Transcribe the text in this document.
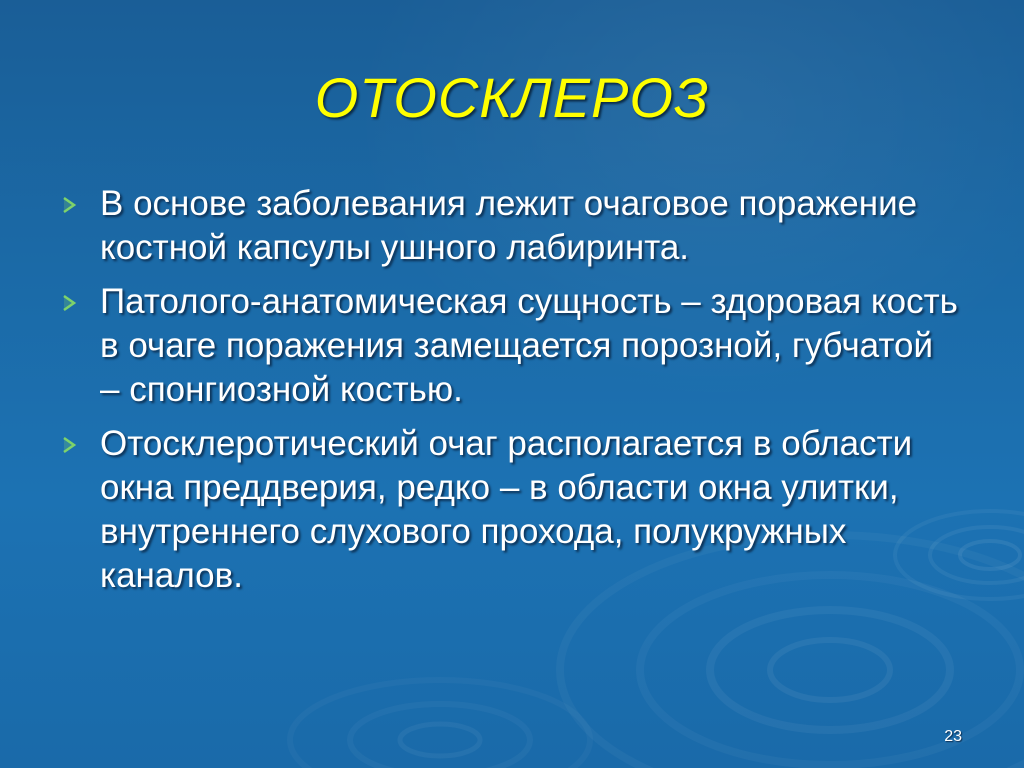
ОТОСКЛЕРОЗ
В основе заболевания лежит очаговое поражение костной капсулы ушного лабиринта.
Патолого-анатомическая сущность – здоровая кость в очаге поражения замещается порозной, губчатой – спонгиозной костью.
Отосклеротический очаг располагается в области окна преддверия, редко – в области окна улитки, внутреннего слухового прохода, полукружных каналов.
23
